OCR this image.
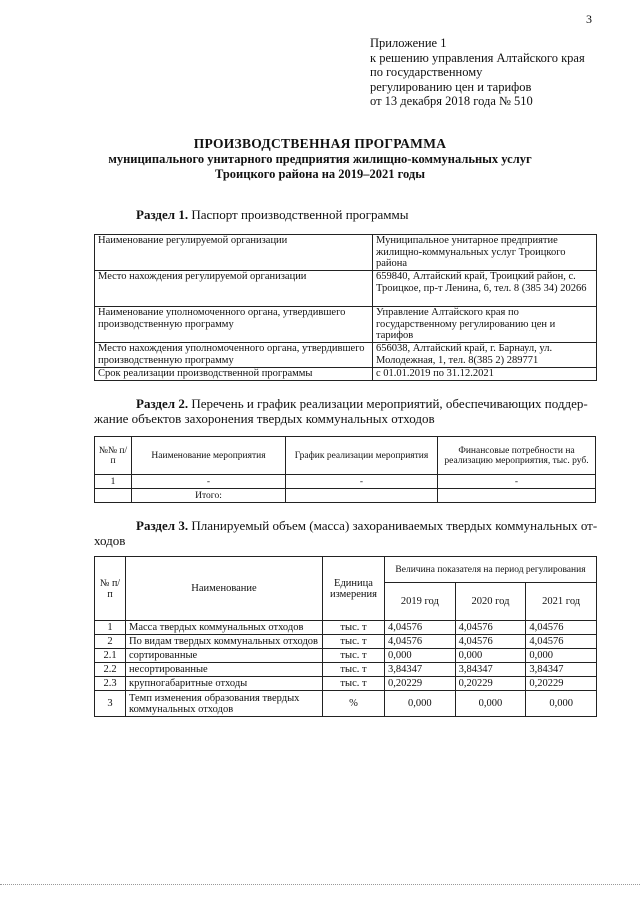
3
Приложение 1
к решению управления Алтайского края
по государственному
регулированию цен и тарифов
от 13 декабря 2018 года № 510
ПРОИЗВОДСТВЕННАЯ ПРОГРАММА
муниципального унитарного предприятия жилищно-коммунальных услуг
Троицкого района на 2019–2021 годы
Раздел 1. Паспорт производственной программы
Наименование регулируемой организации	Муниципальное унитарное предприятие жилищно-коммунальных услуг Троицкого района
Место нахождения регулируемой организации	659840, Алтайский край, Троицкий район, с. Троицкое, пр-т Ленина, 6, тел. 8 (385 34) 20266
Наименование уполномоченного органа, утвердившего производственную программу	Управление Алтайского края по государственному регулированию цен и тарифов
Место нахождения уполномоченного органа, утвердившего производственную программу	656038, Алтайский край, г. Барнаул, ул. Молодежная, 1, тел. 8(385 2) 289771
Срок реализации производственной программы	с 01.01.2019 по 31.12.2021
Раздел 2. Перечень и график реализации мероприятий, обеспечивающих поддер-
жание объектов захоронения твердых коммунальных отходов
№№ п/п	Наименование мероприятия	График реализации мероприятия	Финансовые потребности на реализацию мероприятия, тыс. руб.
1	-	-	-
	Итого:		
Раздел 3. Планируемый объем (масса) захораниваемых твердых коммунальных от-
ходов
№ п/п	Наименование	Единица измерения	Величина показателя на период регулирования		
			2019 год	2020 год	2021 год
1	Масса твердых коммунальных отходов	тыс. т	4,04576	4,04576	4,04576
2	По видам твердых коммунальных отходов	тыс. т	4,04576	4,04576	4,04576
2.1	сортированные	тыс. т	0,000	0,000	0,000
2.2	несортированные	тыс. т	3,84347	3,84347	3,84347
2.3	крупногабаритные отходы	тыс. т	0,20229	0,20229	0,20229
3	Темп изменения образования твердых коммунальных отходов	%	0,000	0,000	0,000
